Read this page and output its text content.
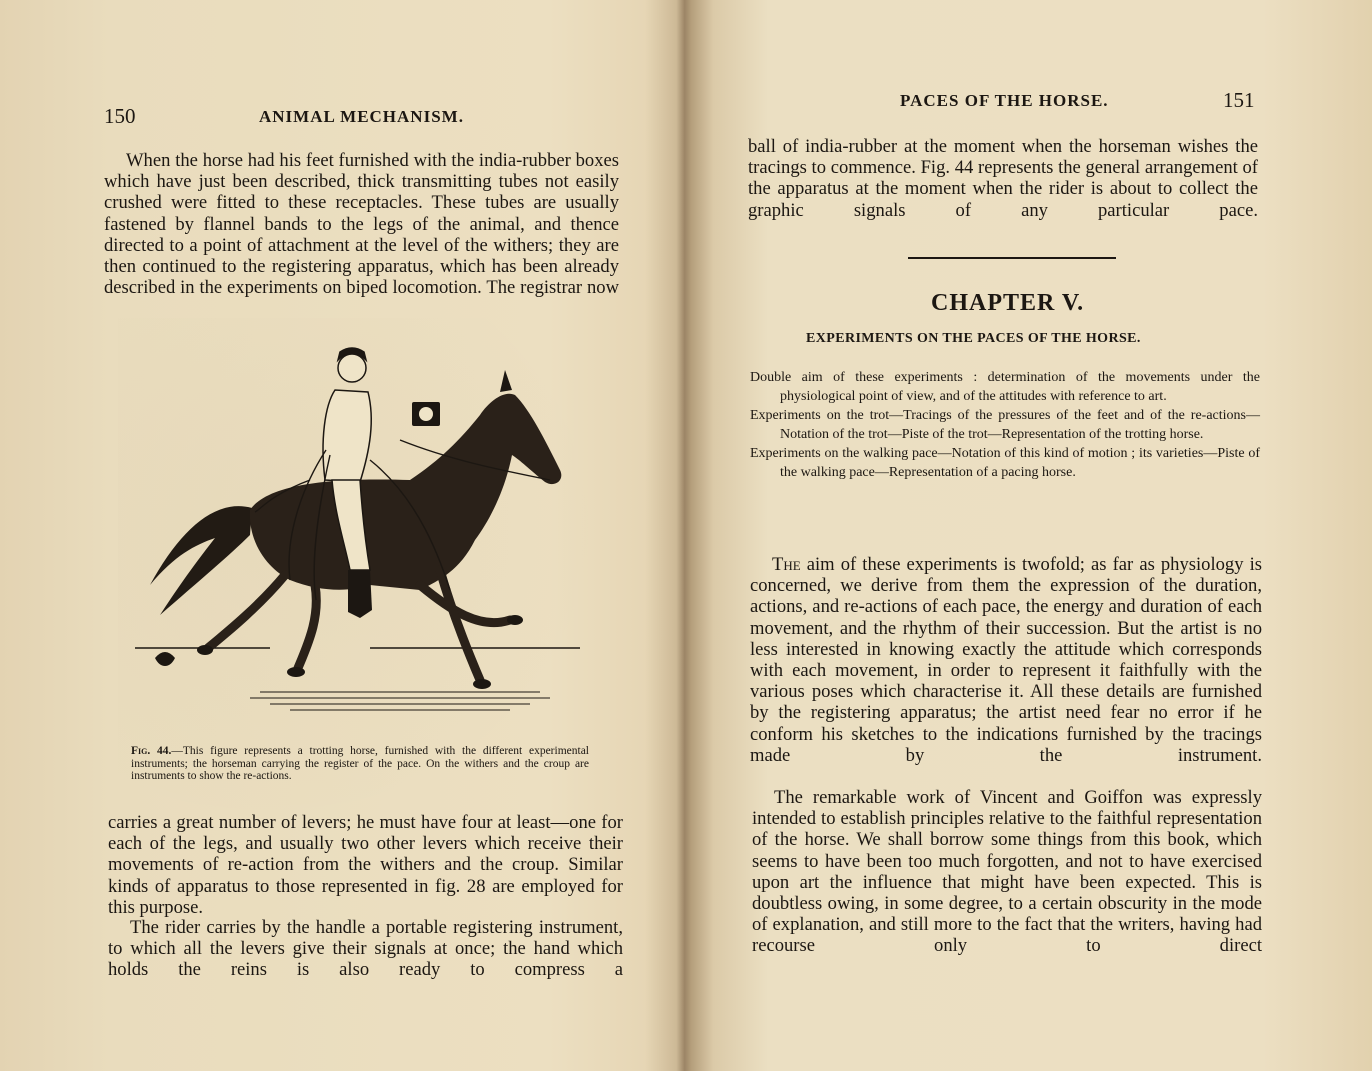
150	ANIMAL MECHANISM.
When the horse had his feet furnished with the india-rubber boxes which have just been described, thick transmitting tubes not easily crushed were fitted to these receptacles. These tubes are usually fastened by flannel bands to the legs of the animal, and thence directed to a point of attachment at the level of the withers; they are then continued to the registering apparatus, which has been already described in the experiments on biped locomotion. The registrar now
Fig. 44.—This figure represents a trotting horse, furnished with the different experimental instruments; the horseman carrying the register of the pace. On the withers and the croup are instruments to show the re-actions.
carries a great number of levers; he must have four at least—one for each of the legs, and usually two other levers which receive their movements of re-action from the withers and the croup. Similar kinds of apparatus to those represented in fig. 28 are employed for this purpose.
The rider carries by the handle a portable registering instrument, to which all the levers give their signals at once; the hand which holds the reins is also ready to compress a
PACES OF THE HORSE.	151
ball of india-rubber at the moment when the horseman wishes the tracings to commence. Fig. 44 represents the general arrangement of the apparatus at the moment when the rider is about to collect the graphic signals of any particular pace.
CHAPTER V.
EXPERIMENTS ON THE PACES OF THE HORSE.
Double aim of these experiments : determination of the movements under the physiological point of view, and of the attitudes with reference to art.
Experiments on the trot—Tracings of the pressures of the feet and of the re-actions—Notation of the trot—Piste of the trot—Representation of the trotting horse.
Experiments on the walking pace—Notation of this kind of motion ; its varieties—Piste of the walking pace—Representation of a pacing horse.
The aim of these experiments is twofold; as far as physiology is concerned, we derive from them the expression of the duration, actions, and re-actions of each pace, the energy and duration of each movement, and the rhythm of their succession. But the artist is no less interested in knowing exactly the attitude which corresponds with each movement, in order to represent it faithfully with the various poses which characterise it. All these details are furnished by the registering apparatus; the artist need fear no error if he conform his sketches to the indications furnished by the tracings made by the instrument.
The remarkable work of Vincent and Goiffon was expressly intended to establish principles relative to the faithful representation of the horse. We shall borrow some things from this book, which seems to have been too much forgotten, and not to have exercised upon art the influence that might have been expected. This is doubtless owing, in some degree, to a certain obscurity in the mode of explanation, and still more to the fact that the writers, having had recourse only to direct
